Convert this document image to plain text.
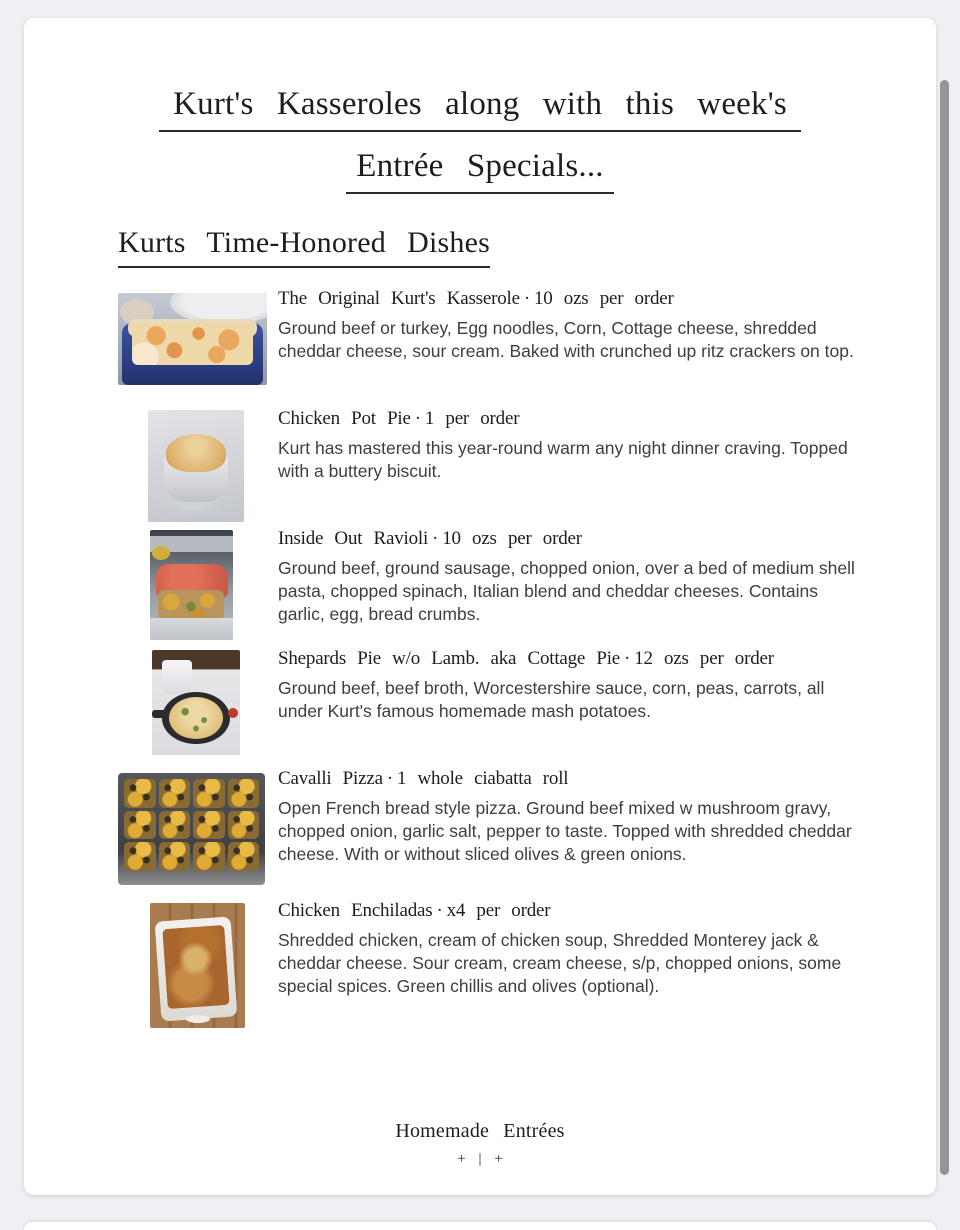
Kurt's Kasseroles along with this week's
Entrée Specials...
Kurts Time-Honored Dishes

The Original Kurt's Kasserole · 10 ozs per order

Ground beef or turkey, Egg noodles, Corn, Cottage cheese, shredded cheddar cheese, sour cream. Baked with crunched up ritz crackers on top.

Chicken Pot Pie · 1 per order

Kurt has mastered this year-round warm any night dinner craving. Topped with a buttery biscuit.

Inside Out Ravioli · 10 ozs per order

Ground beef, ground sausage, chopped onion, over a bed of medium shell pasta, chopped spinach, Italian blend and cheddar cheeses. Contains garlic, egg, bread crumbs.

Shepards Pie w/o Lamb. aka Cottage Pie · 12 ozs per order

Ground beef, beef broth, Worcestershire sauce, corn, peas, carrots, all under Kurt's famous homemade mash potatoes.

Cavalli Pizza · 1 whole ciabatta roll

Open French bread style pizza. Ground beef mixed w mushroom gravy, chopped onion, garlic salt, pepper to taste. Topped with shredded cheddar cheese. With or without sliced olives & green onions.

Chicken Enchiladas · x4 per order

Shredded chicken, cream of chicken soup, Shredded Monterey jack & cheddar cheese. Sour cream, cream cheese, s/p, chopped onions, some special spices. Green chillis and olives (optional).

Homemade Entrées
+ | +
